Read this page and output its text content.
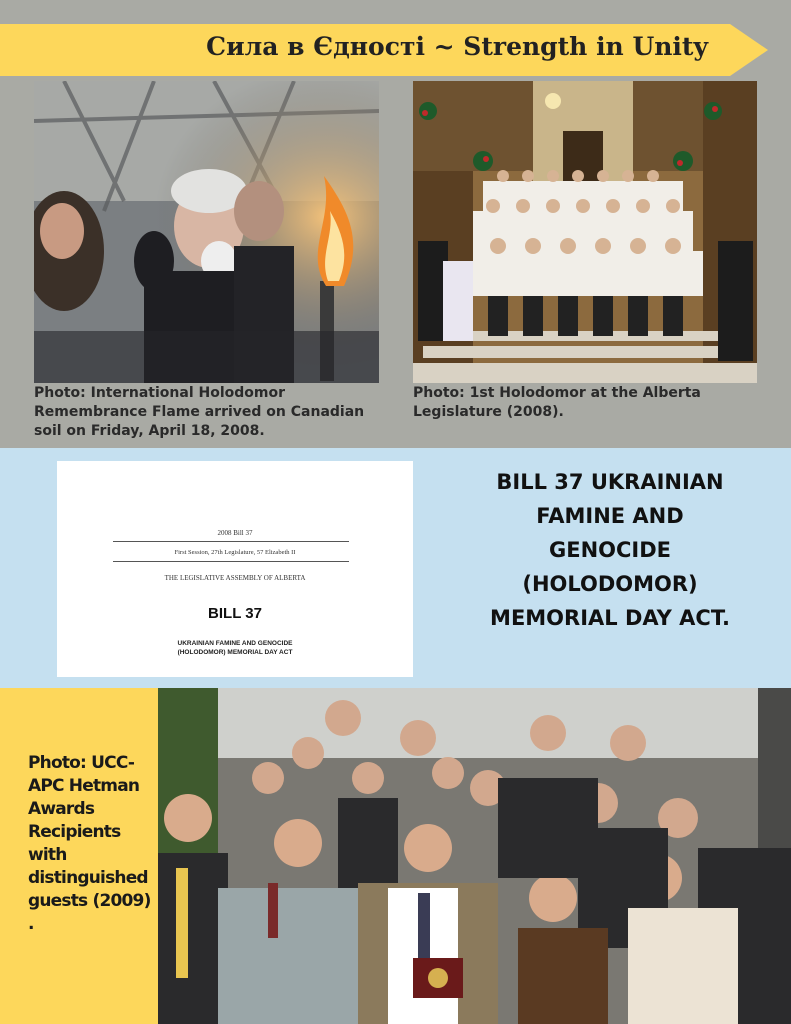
Сила в Єдності ~ Strength in Unity
Photo: International Holodomor Remembrance Flame arrived on Canadian soil on Friday, April 18, 2008.
Photo: 1st Holodomor at the Alberta Legislature (2008).
2008 Bill 37
First Session, 27th Legislature, 57 Elizabeth II
THE LEGISLATIVE ASSEMBLY OF ALBERTA
BILL 37
UKRAINIAN FAMINE AND GENOCIDE
(HOLODOMOR) MEMORIAL DAY ACT
BILL 37 UKRAINIAN FAMINE AND GENOCIDE (HOLODOMOR) MEMORIAL DAY ACT.
Photo: UCC-APC Hetman Awards Recipients with distinguished guests (2009) .
